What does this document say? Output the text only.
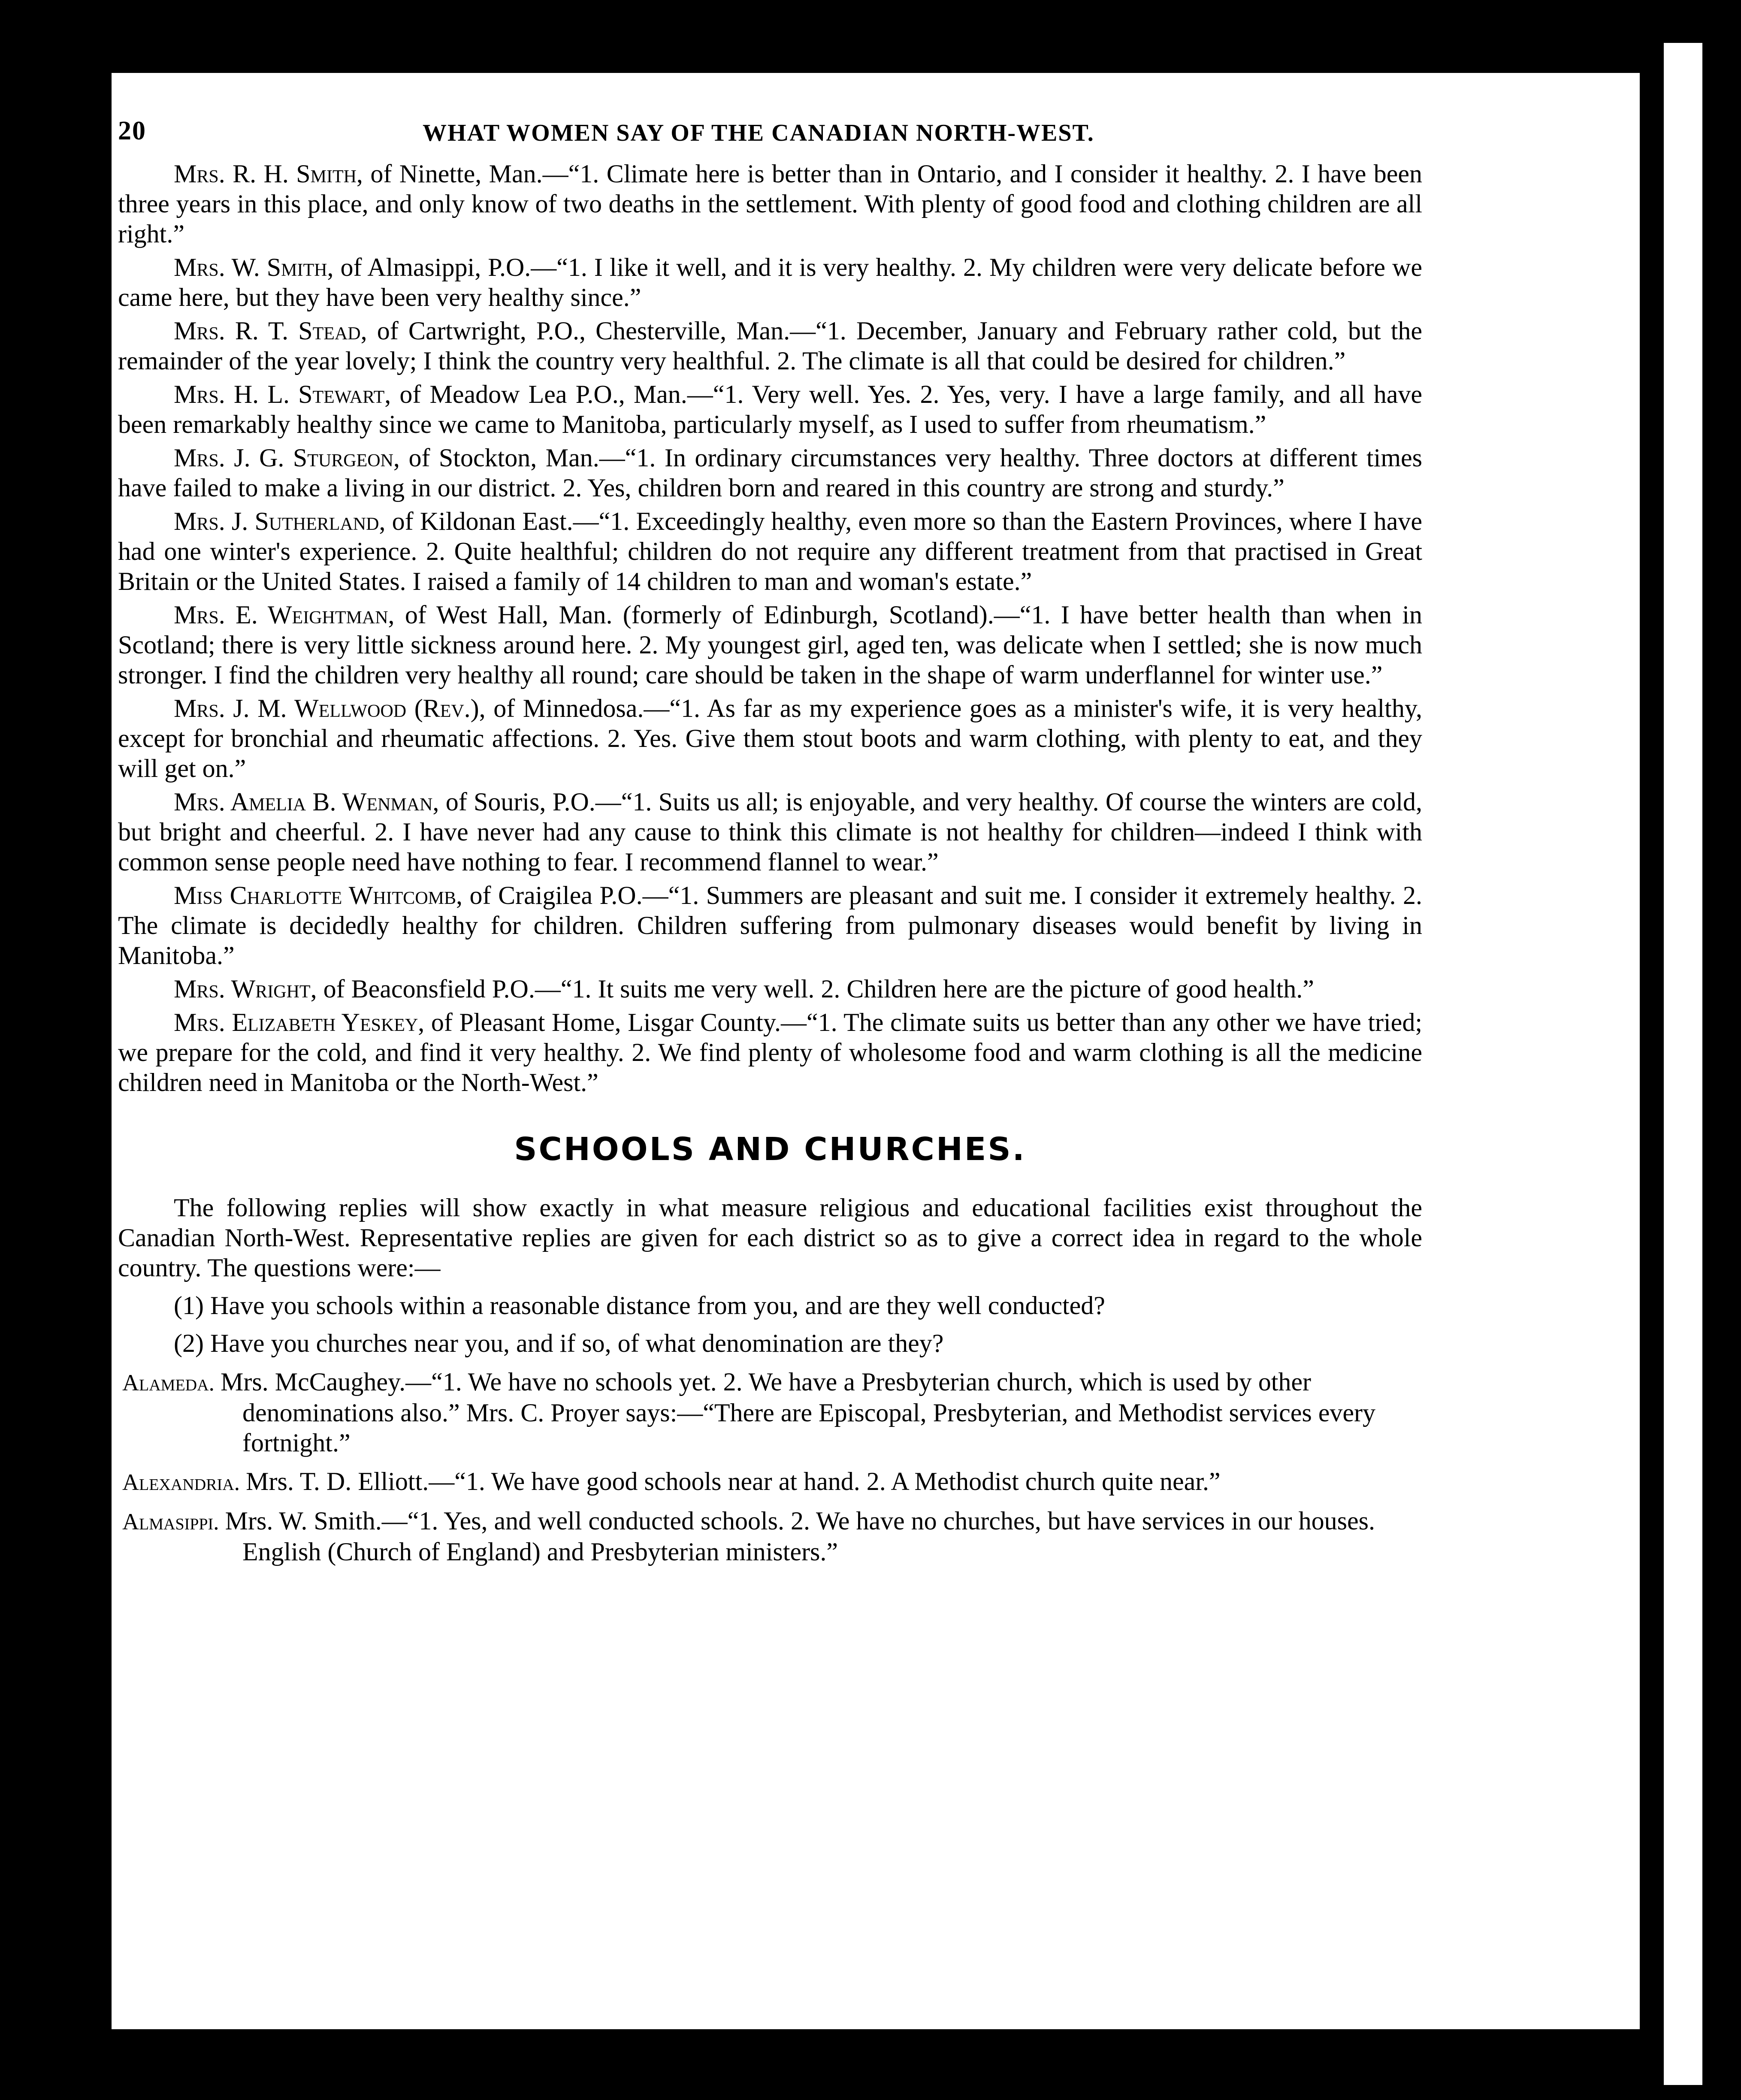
20	WHAT WOMEN SAY OF THE CANADIAN NORTH-WEST.

Mrs. R. H. Smith, of Ninette, Man.—“1. Climate here is better than in Ontario, and I consider it healthy. 2. I have been three years in this place, and only know of two deaths in the settlement. With plenty of good food and clothing children are all right.”

Mrs. W. Smith, of Almasippi, P.O.—“1. I like it well, and it is very healthy. 2. My children were very delicate before we came here, but they have been very healthy since.”

Mrs. R. T. Stead, of Cartwright, P.O., Chesterville, Man.—“1. December, January and February rather cold, but the remainder of the year lovely; I think the country very healthful. 2. The climate is all that could be desired for children.”

Mrs. H. L. Stewart, of Meadow Lea P.O., Man.—“1. Very well. Yes. 2. Yes, very. I have a large family, and all have been remarkably healthy since we came to Manitoba, particularly myself, as I used to suffer from rheumatism.”

Mrs. J. G. Sturgeon, of Stockton, Man.—“1. In ordinary circumstances very healthy. Three doctors at different times have failed to make a living in our district. 2. Yes, children born and reared in this country are strong and sturdy.”

Mrs. J. Sutherland, of Kildonan East.—“1. Exceedingly healthy, even more so than the Eastern Provinces, where I have had one winter's experience. 2. Quite healthful; children do not require any different treatment from that practised in Great Britain or the United States. I raised a family of 14 children to man and woman's estate.”

Mrs. E. Weightman, of West Hall, Man. (formerly of Edinburgh, Scotland).—“1. I have better health than when in Scotland; there is very little sickness around here. 2. My youngest girl, aged ten, was delicate when I settled; she is now much stronger. I find the children very healthy all round; care should be taken in the shape of warm underflannel for winter use.”

Mrs. J. M. Wellwood (Rev.), of Minnedosa.—“1. As far as my experience goes as a minister's wife, it is very healthy, except for bronchial and rheumatic affections. 2. Yes. Give them stout boots and warm clothing, with plenty to eat, and they will get on.”

Mrs. Amelia B. Wenman, of Souris, P.O.—“1. Suits us all; is enjoyable, and very healthy. Of course the winters are cold, but bright and cheerful. 2. I have never had any cause to think this climate is not healthy for children—indeed I think with common sense people need have nothing to fear. I recommend flannel to wear.”

Miss Charlotte Whitcomb, of Craigilea P.O.—“1. Summers are pleasant and suit me. I consider it extremely healthy. 2. The climate is decidedly healthy for children. Children suffering from pulmonary diseases would benefit by living in Manitoba.”

Mrs. Wright, of Beaconsfield P.O.—“1. It suits me very well. 2. Children here are the picture of good health.”

Mrs. Elizabeth Yeskey, of Pleasant Home, Lisgar County.—“1. The climate suits us better than any other we have tried; we prepare for the cold, and find it very healthy. 2. We find plenty of wholesome food and warm clothing is all the medicine children need in Manitoba or the North-West.”

SCHOOLS AND CHURCHES.

The following replies will show exactly in what measure religious and educational facilities exist throughout the Canadian North-West. Representative replies are given for each district so as to give a correct idea in regard to the whole country. The questions were:—

(1) Have you schools within a reasonable distance from you, and are they well conducted?
(2) Have you churches near you, and if so, of what denomination are they?
Alameda. Mrs. McCaughey.—“1. We have no schools yet. 2. We have a Presbyterian church, which is used by other denominations also.” Mrs. C. Proyer says:—“There are Episcopal, Presbyterian, and Methodist services every fortnight.”
Alexandria. Mrs. T. D. Elliott.—“1. We have good schools near at hand. 2. A Methodist church quite near.”
Almasippi. Mrs. W. Smith.—“1. Yes, and well conducted schools. 2. We have no churches, but have services in our houses. English (Church of England) and Presbyterian ministers.”
